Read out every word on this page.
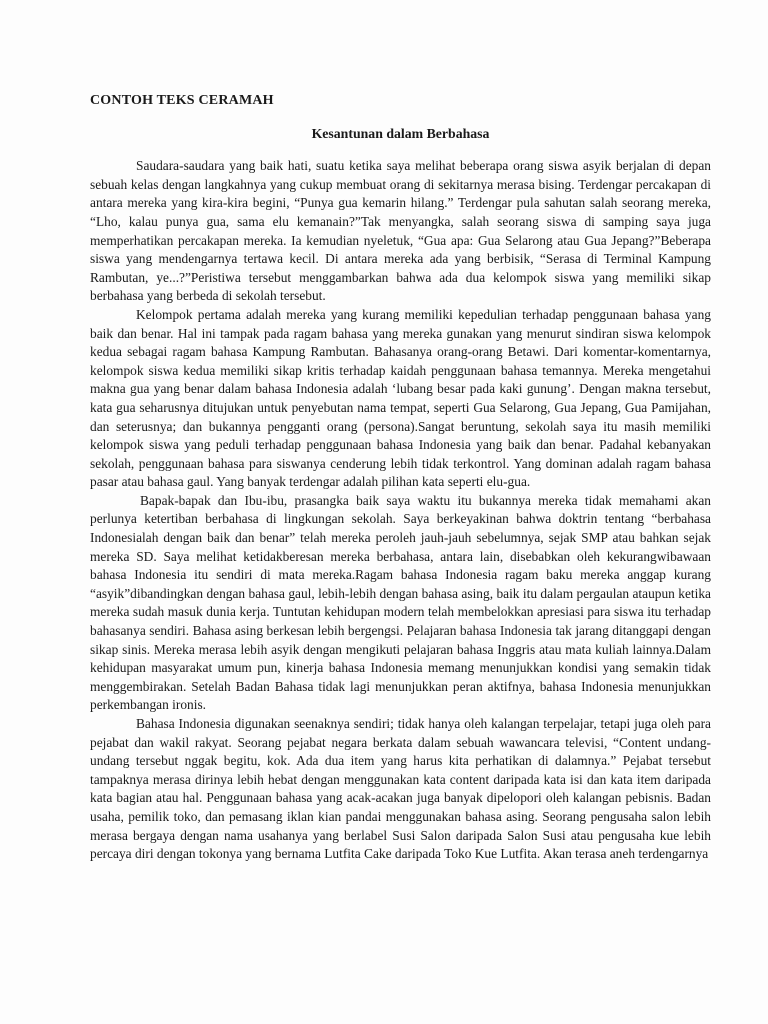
CONTOH TEKS CERAMAH
Kesantunan dalam Berbahasa

Saudara-saudara yang baik hati, suatu ketika saya melihat beberapa orang siswa asyik berjalan di depan sebuah kelas dengan langkahnya yang cukup membuat orang di sekitarnya merasa bising. Terdengar percakapan di antara mereka yang kira-kira begini, “Punya gua kemarin hilang.” Terdengar pula sahutan salah seorang mereka, “Lho, kalau punya gua, sama elu kemanain?”Tak menyangka, salah seorang siswa di samping saya juga memperhatikan percakapan mereka. Ia kemudian nyeletuk, “Gua apa: Gua Selarong atau Gua Jepang?”Beberapa siswa yang mendengarnya tertawa kecil. Di antara mereka ada yang berbisik, “Serasa di Terminal Kampung Rambutan, ye...?”Peristiwa tersebut menggambarkan bahwa ada dua kelompok siswa yang memiliki sikap berbahasa yang berbeda di sekolah tersebut.

Kelompok pertama adalah mereka yang kurang memiliki kepedulian terhadap penggunaan bahasa yang baik dan benar. Hal ini tampak pada ragam bahasa yang mereka gunakan yang menurut sindiran siswa kelompok kedua sebagai ragam bahasa Kampung Rambutan. Bahasanya orang-orang Betawi. Dari komentar-komentarnya, kelompok siswa kedua memiliki sikap kritis terhadap kaidah penggunaan bahasa temannya. Mereka mengetahui makna gua yang benar dalam bahasa Indonesia adalah ‘lubang besar pada kaki gunung’. Dengan makna tersebut, kata gua seharusnya ditujukan untuk penyebutan nama tempat, seperti Gua Selarong, Gua Jepang, Gua Pamijahan, dan seterusnya; dan bukannya pengganti orang (persona).Sangat beruntung, sekolah saya itu masih memiliki kelompok siswa yang peduli terhadap penggunaan bahasa Indonesia yang baik dan benar. Padahal kebanyakan sekolah, penggunaan bahasa para siswanya cenderung lebih tidak terkontrol. Yang dominan adalah ragam bahasa pasar atau bahasa gaul. Yang banyak terdengar adalah pilihan kata seperti elu-gua.

Bapak-bapak dan Ibu-ibu, prasangka baik saya waktu itu bukannya mereka tidak memahami akan perlunya ketertiban berbahasa di lingkungan sekolah. Saya berkeyakinan bahwa doktrin tentang “berbahasa Indonesialah dengan baik dan benar” telah mereka peroleh jauh-jauh sebelumnya, sejak SMP atau bahkan sejak mereka SD. Saya melihat ketidakberesan mereka berbahasa, antara lain, disebabkan oleh kekurangwibawaan bahasa Indonesia itu sendiri di mata mereka.Ragam bahasa Indonesia ragam baku mereka anggap kurang “asyik”dibandingkan dengan bahasa gaul, lebih-lebih dengan bahasa asing, baik itu dalam pergaulan ataupun ketika mereka sudah masuk dunia kerja. Tuntutan kehidupan modern telah membelokkan apresiasi para siswa itu terhadap bahasanya sendiri. Bahasa asing berkesan lebih bergengsi. Pelajaran bahasa Indonesia tak jarang ditanggapi dengan sikap sinis. Mereka merasa lebih asyik dengan mengikuti pelajaran bahasa Inggris atau mata kuliah lainnya.Dalam kehidupan masyarakat umum pun, kinerja bahasa Indonesia memang menunjukkan kondisi yang semakin tidak menggembirakan. Setelah Badan Bahasa tidak lagi menunjukkan peran aktifnya, bahasa Indonesia menunjukkan perkembangan ironis.

Bahasa Indonesia digunakan seenaknya sendiri; tidak hanya oleh kalangan terpelajar, tetapi juga oleh para pejabat dan wakil rakyat. Seorang pejabat negara berkata dalam sebuah wawancara televisi, “Content undang-undang tersebut nggak begitu, kok. Ada dua item yang harus kita perhatikan di dalamnya.” Pejabat tersebut tampaknya merasa dirinya lebih hebat dengan menggunakan kata content daripada kata isi dan kata item daripada kata bagian atau hal. Penggunaan bahasa yang acak-acakan juga banyak dipelopori oleh kalangan pebisnis. Badan usaha, pemilik toko, dan pemasang iklan kian pandai menggunakan bahasa asing. Seorang pengusaha salon lebih merasa bergaya dengan nama usahanya yang berlabel Susi Salon daripada Salon Susi atau pengusaha kue lebih percaya diri dengan tokonya yang bernama Lutfita Cake daripada Toko Kue Lutfita. Akan terasa aneh terdengarnya
